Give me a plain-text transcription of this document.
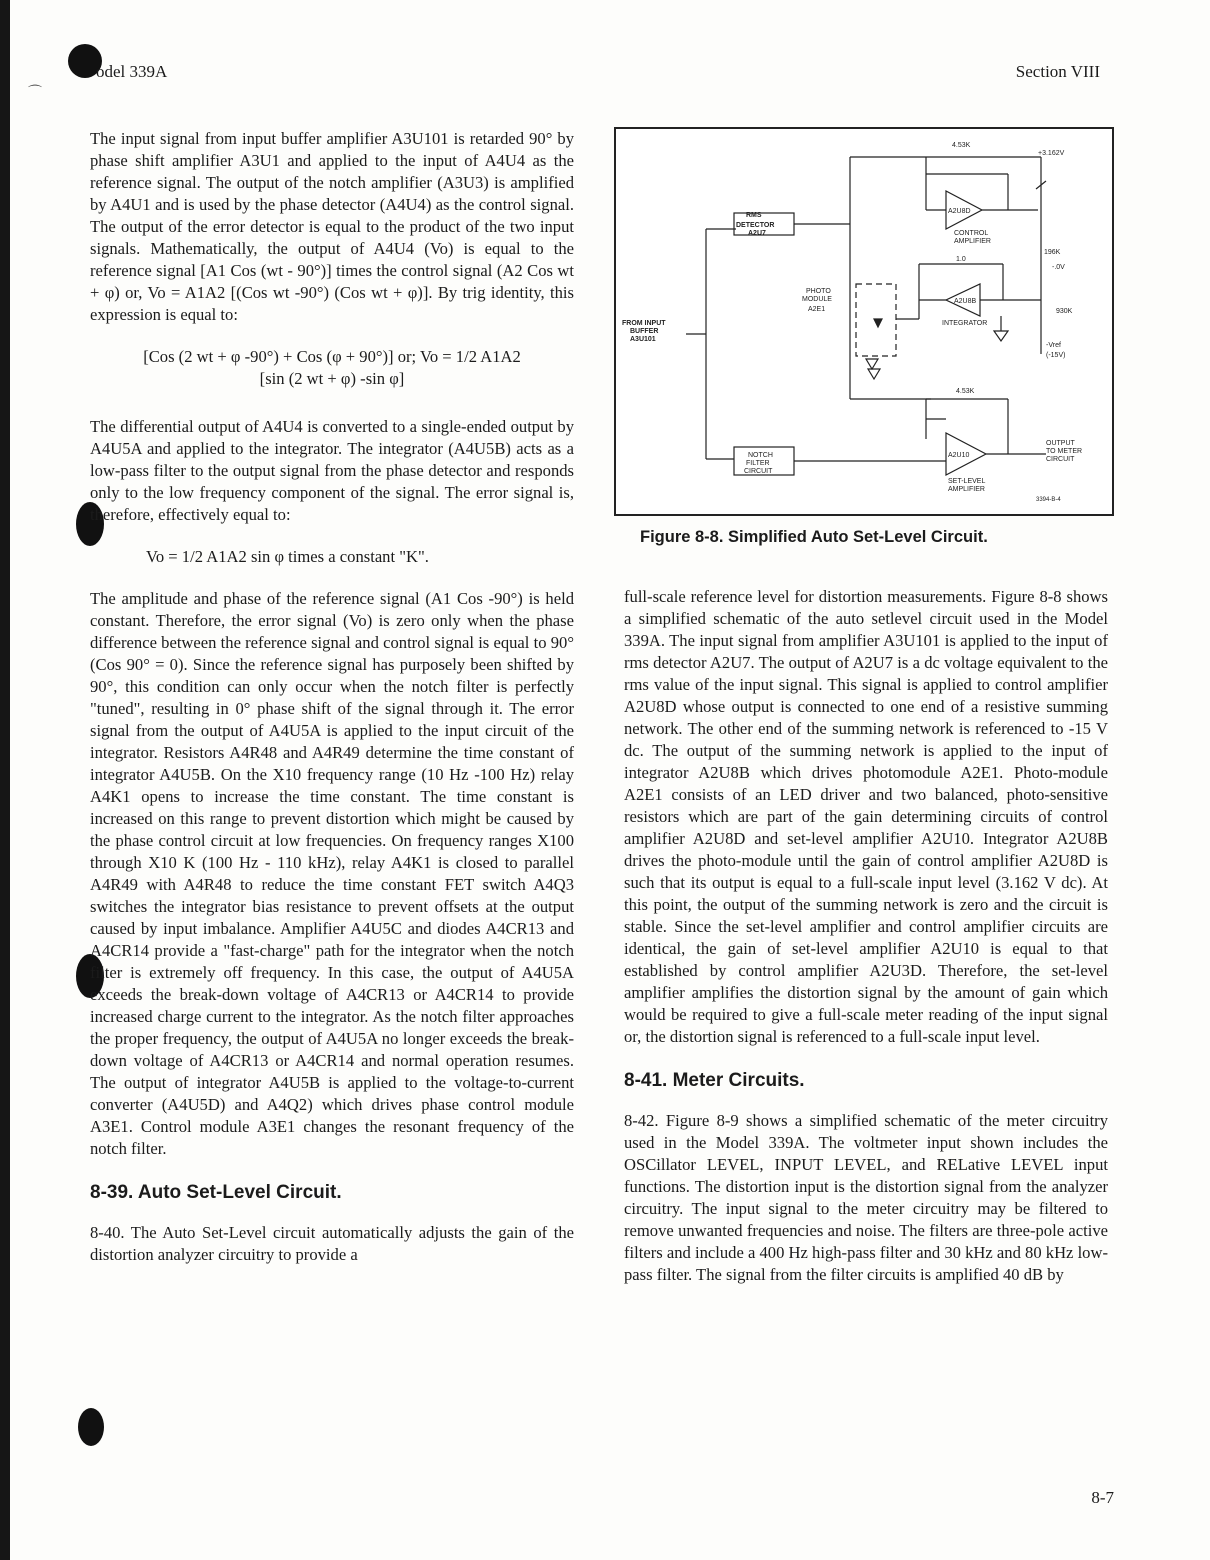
⌒
odel 339A	Section VIII

The input signal from input buffer amplifier A3U101 is retarded 90° by phase shift amplifier A3U1 and applied to the input of A4U4 as the reference signal. The output of the notch amplifier (A3U3) is amplified by A4U1 and is used by the phase detector (A4U4) as the control signal. The output of the error detector is equal to the product of the two input signals. Mathematically, the output of A4U4 (Vo) is equal to the reference signal [A1 Cos (wt - 90°)] times the control signal (A2 Cos wt + φ) or, Vo = A1A2 [(Cos wt -90°) (Cos wt + φ)]. By trig identity, this expression is equal to:

[Cos (2 wt + φ -90°) + Cos (φ + 90°)] or; Vo = 1/2 A1A2
[sin (2 wt + φ) -sin φ]

The differential output of A4U4 is converted to a single-ended output by A4U5A and applied to the integrator. The integrator (A4U5B) acts as a low-pass filter to the output signal from the phase detector and responds only to the low frequency component of the signal. The error signal is, therefore, effectively equal to:

Vo = 1/2 A1A2 sin φ times a constant "K".

The amplitude and phase of the reference signal (A1 Cos -90°) is held constant. Therefore, the error signal (Vo) is zero only when the phase difference between the reference signal and control signal is equal to 90° (Cos 90° = 0). Since the reference signal has purposely been shifted by 90°, this condition can only occur when the notch filter is perfectly "tuned", resulting in 0° phase shift of the signal through it. The error signal from the output of A4U5A is applied to the input circuit of the integrator. Resistors A4R48 and A4R49 determine the time constant of integrator A4U5B. On the X10 frequency range (10 Hz -100 Hz) relay A4K1 opens to increase the time constant. The time constant is increased on this range to prevent distortion which might be caused by the phase control circuit at low frequencies. On frequency ranges X100 through X10 K (100 Hz - 110 kHz), relay A4K1 is closed to parallel A4R49 with A4R48 to reduce the time constant FET switch A4Q3 switches the integrator bias resistance to prevent offsets at the output caused by input imbalance. Amplifier A4U5C and diodes A4CR13 and A4CR14 provide a "fast-charge" path for the integrator when the notch filter is extremely off frequency. In this case, the output of A4U5A exceeds the break-down voltage of A4CR13 or A4CR14 to provide increased charge current to the integrator. As the notch filter approaches the proper frequency, the output of A4U5A no longer exceeds the break-down voltage of A4CR13 or A4CR14 and normal operation resumes. The output of integrator A4U5B is applied to the voltage-to-current converter (A4U5D) and A4Q2) which drives phase control module A3E1. Control module A3E1 changes the resonant frequency of the notch filter.

8-39. Auto Set-Level Circuit.

8-40. The Auto Set-Level circuit automatically adjusts the gain of the distortion analyzer circuitry to provide a

4.53K
+3.162V
RMS
DETECTOR
A2U7
A2U8D
CONTROL
AMPLIFIER
1.0
196K
-.0V
PHOTO
MODULE
A2E1
A2U8B
INTEGRATOR
930K
-Vref
(-15V)
FROM INPUT
BUFFER
A3U101
4.53K
A2U10
NOTCH
FILTER
CIRCUIT
SET-LEVEL
AMPLIFIER
OUTPUT
TO METER
CIRCUIT
3394-B-4
Figure 8-8. Simplified Auto Set-Level Circuit.

full-scale reference level for distortion measurements. Figure 8-8 shows a simplified schematic of the auto setlevel circuit used in the Model 339A. The input signal from amplifier A3U101 is applied to the input of rms detector A2U7. The output of A2U7 is a dc voltage equivalent to the rms value of the input signal. This signal is applied to control amplifier A2U8D whose output is connected to one end of a resistive summing network. The other end of the summing network is referenced to -15 V dc. The output of the summing network is applied to the input of integrator A2U8B which drives photomodule A2E1. Photo-module A2E1 consists of an LED driver and two balanced, photo-sensitive resistors which are part of the gain determining circuits of control amplifier A2U8D and set-level amplifier A2U10. Integrator A2U8B drives the photo-module until the gain of control amplifier A2U8D is such that its output is equal to a full-scale input level (3.162 V dc). At this point, the output of the summing network is zero and the circuit is stable. Since the set-level amplifier and control amplifier circuits are identical, the gain of set-level amplifier A2U10 is equal to that established by control amplifier A2U3D. Therefore, the set-level amplifier amplifies the distortion signal by the amount of gain which would be required to give a full-scale meter reading of the input signal or, the distortion signal is referenced to a full-scale input level.

8-41. Meter Circuits.

8-42. Figure 8-9 shows a simplified schematic of the meter circuitry used in the Model 339A. The voltmeter input shown includes the OSCillator LEVEL, INPUT LEVEL, and RELative LEVEL input functions. The distortion input is the distortion signal from the analyzer circuitry. The input signal to the meter circuitry may be filtered to remove unwanted frequencies and noise. The filters are three-pole active filters and include a 400 Hz high-pass filter and 30 kHz and 80 kHz low-pass filter. The signal from the filter circuits is amplified 40 dB by

8-7
